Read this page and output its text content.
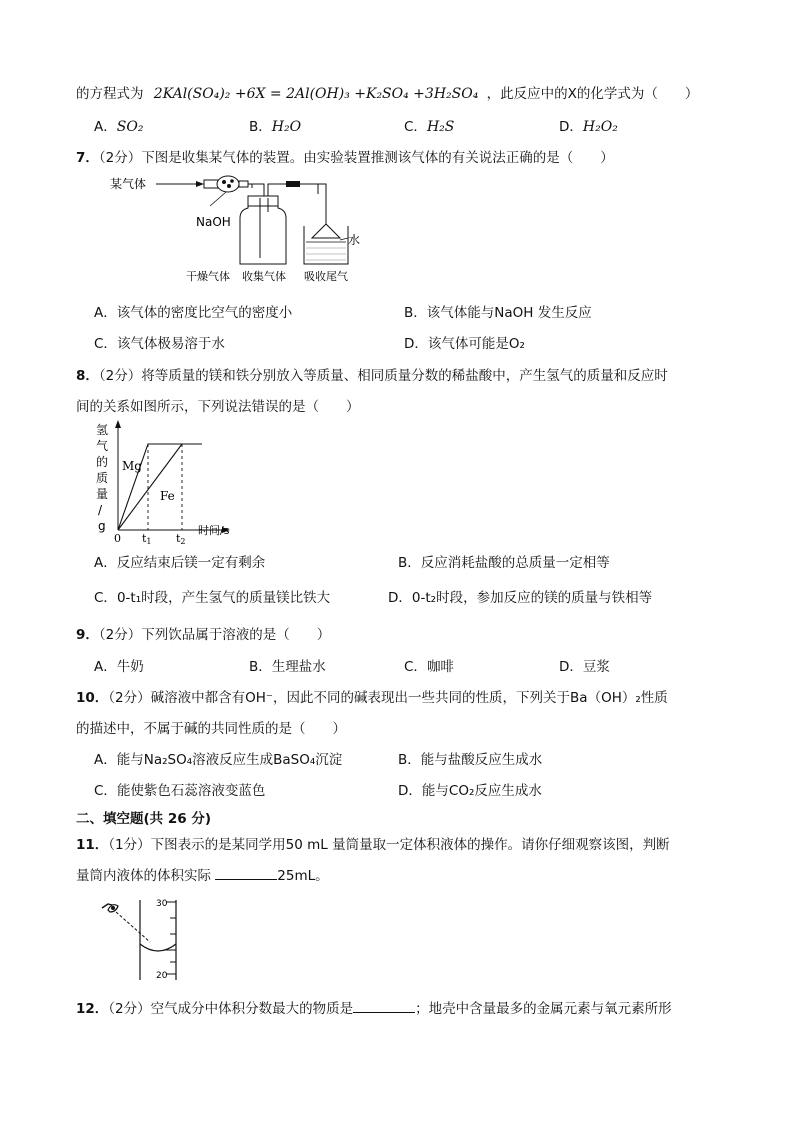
的方程式为 2KAl(SO₄)₂ +6X = 2Al(OH)₃ +K₂SO₄ +3H₂SO₄ ，此反应中的X的化学式为（　　）
A．SO₂	B．H₂O	C．H₂S	D．H₂O₂
7．（2分）下图是收集某气体的装置。由实验装置推测该气体的有关说法正确的是（　　）
某气体
NaOH
水
干燥气体 收集气体 吸收尾气
A．该气体的密度比空气的密度小	B．该气体能与NaOH 发生反应
C．该气体极易溶于水	D．该气体可能是O₂
8．（2分）将等质量的镁和铁分别放入等质量、相同质量分数的稀盐酸中，产生氢气的质量和反应时
间的关系如图所示，下列说法错误的是（　　）
氢气的质量/ g
Mg
Fe
0 t1 t2
时间/s
A．反应结束后镁一定有剩余	B．反应消耗盐酸的总质量一定相等
C．0-t₁时段，产生氢气的质量镁比铁大	D．0-t₂时段，参加反应的镁的质量与铁相等
9．（2分）下列饮品属于溶液的是（　　）
A．牛奶	B．生理盐水	C．咖啡	D．豆浆
10．（2分）碱溶液中都含有OH⁻，因此不同的碱表现出一些共同的性质，下列关于Ba（OH）₂性质
的描述中，不属于碱的共同性质的是（　　）
A．能与Na₂SO₄溶液反应生成BaSO₄沉淀	B．能与盐酸反应生成水
C．能使紫色石蕊溶液变蓝色	D．能与CO₂反应生成水
二、填空题(共 26 分)
11．（1分）下图表示的是某同学用50 mL 量筒量取一定体积液体的操作。请你仔细观察该图，判断
量筒内液体的体积实际	25mL。
30
20
12．（2分）空气成分中体积分数最大的物质是	；地壳中含量最多的金属元素与氧元素所形
